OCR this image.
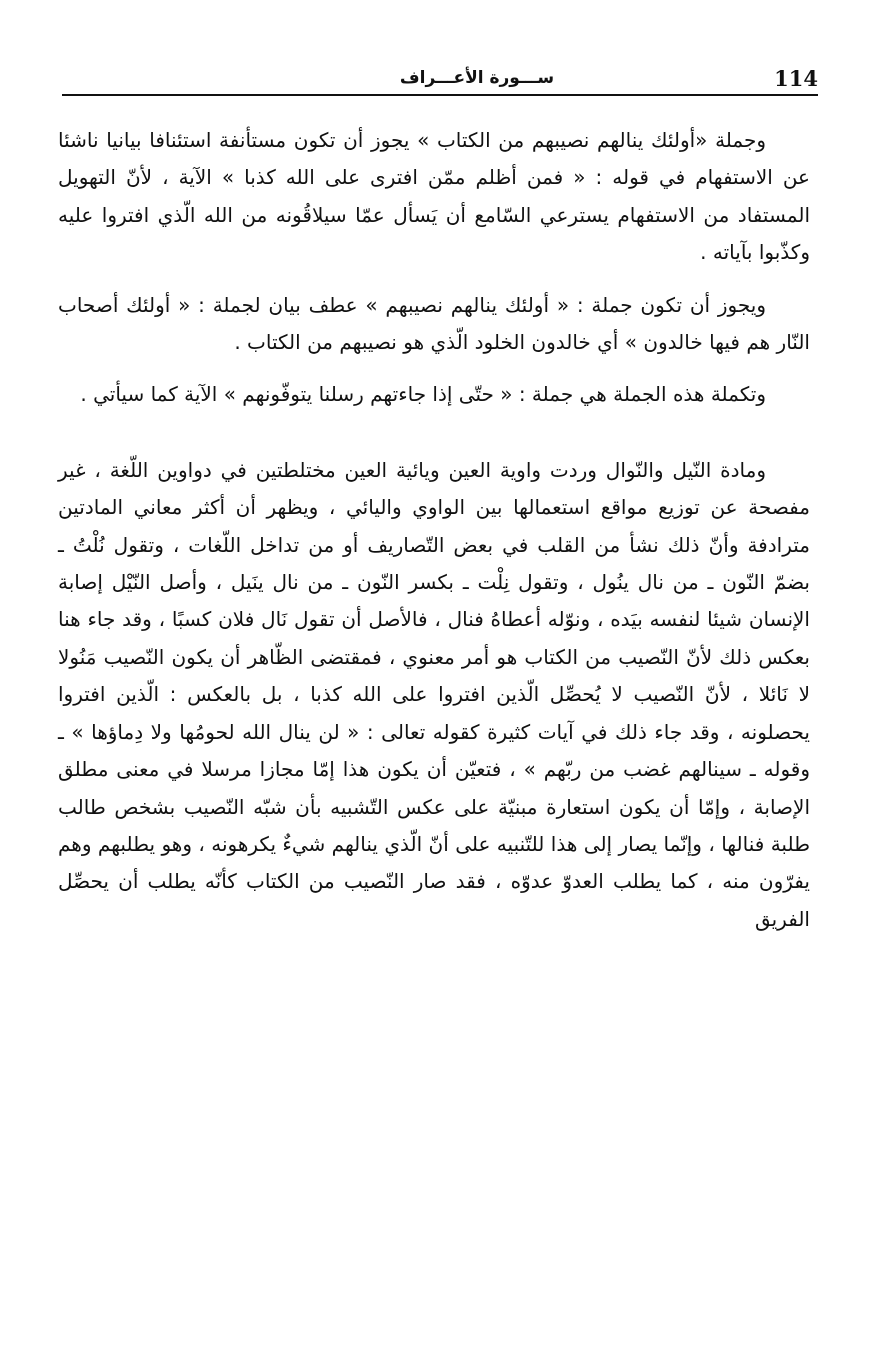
114
ســـورة الأعـــراف

وجملة «أولئك ينالهم نصيبهم من الكتاب » يجوز أن تكون مستأنفة استئنافا بيانيا ناشئا عن الاستفهام في قوله : « فمن أظلم ممّن افترى على الله كذبا » الآية ، لأنّ التهويل المستفاد من الاستفهام يسترعي السّامع أن يَسأل عمّا سيلاقُونه من الله الّذي افتروا عليه وكذّبوا بآياته .

ويجوز أن تكون جملة : « أولئك ينالهم نصيبهم » عطف بيان لجملة : « أولئك أصحاب النّار هم فيها خالدون » أي خالدون الخلود الّذي هو نصيبهم من الكتاب .

وتكملة هذه الجملة هي جملة : « حتّى إذا جاءتهم رسلنا يتوفّونهم » الآية كما سيأتي .

ومادة النّيل والنّوال وردت واوية العين ويائية العين مختلطتين في دواوين اللّغة ، غير مفصحة عن توزيع مواقع استعمالها بين الواوي واليائي ، ويظهر أن أكثر معاني المادتين مترادفة وأنّ ذلك نشأ من القلب في بعض التّصاريف أو من تداخل اللّغات ، وتقول نُلْتُ ـ بضمّ النّون ـ من نال ينُول ، وتقول نِلْت ـ بكسر النّون ـ من نال ينَيل ، وأصل النّيْل إصابة الإنسان شيئا لنفسه بيَده ، ونوّله أعطاهُ فنال ، فالأصل أن تقول نَال فلان كسبًا ، وقد جاء هنا بعكس ذلك لأنّ النّصيب من الكتاب هو أمر معنوي ، فمقتضى الظّاهر أن يكون النّصيب مَنُولا لا نَائلا ، لأنّ النّصيب لا يُحصِّل الّذين افتروا على الله كذبا ، بل بالعكس : الّذين افتروا يحصلونه ، وقد جاء ذلك في آيات كثيرة كقوله تعالى : « لن ينال الله لحومُها ولا دِماؤها » ـ وقوله ـ سينالهم غضب من ربّهم » ، فتعيّن أن يكون هذا إمّا مجازا مرسلا في معنى مطلق الإصابة ، وإمّا أن يكون استعارة مبنيّة على عكس التّشبيه بأن شبّه النّصيب بشخص طالب طلبة فنالها ، وإنّما يصار إلى هذا للتّنبيه على أنّ الّذي ينالهم شيءٌ يكرهونه ، وهو يطلبهم وهم يفرّون منه ، كما يطلب العدوّ عدوّه ، فقد صار النّصيب من الكتاب كأنّه يطلب أن يحصِّل الفريق
